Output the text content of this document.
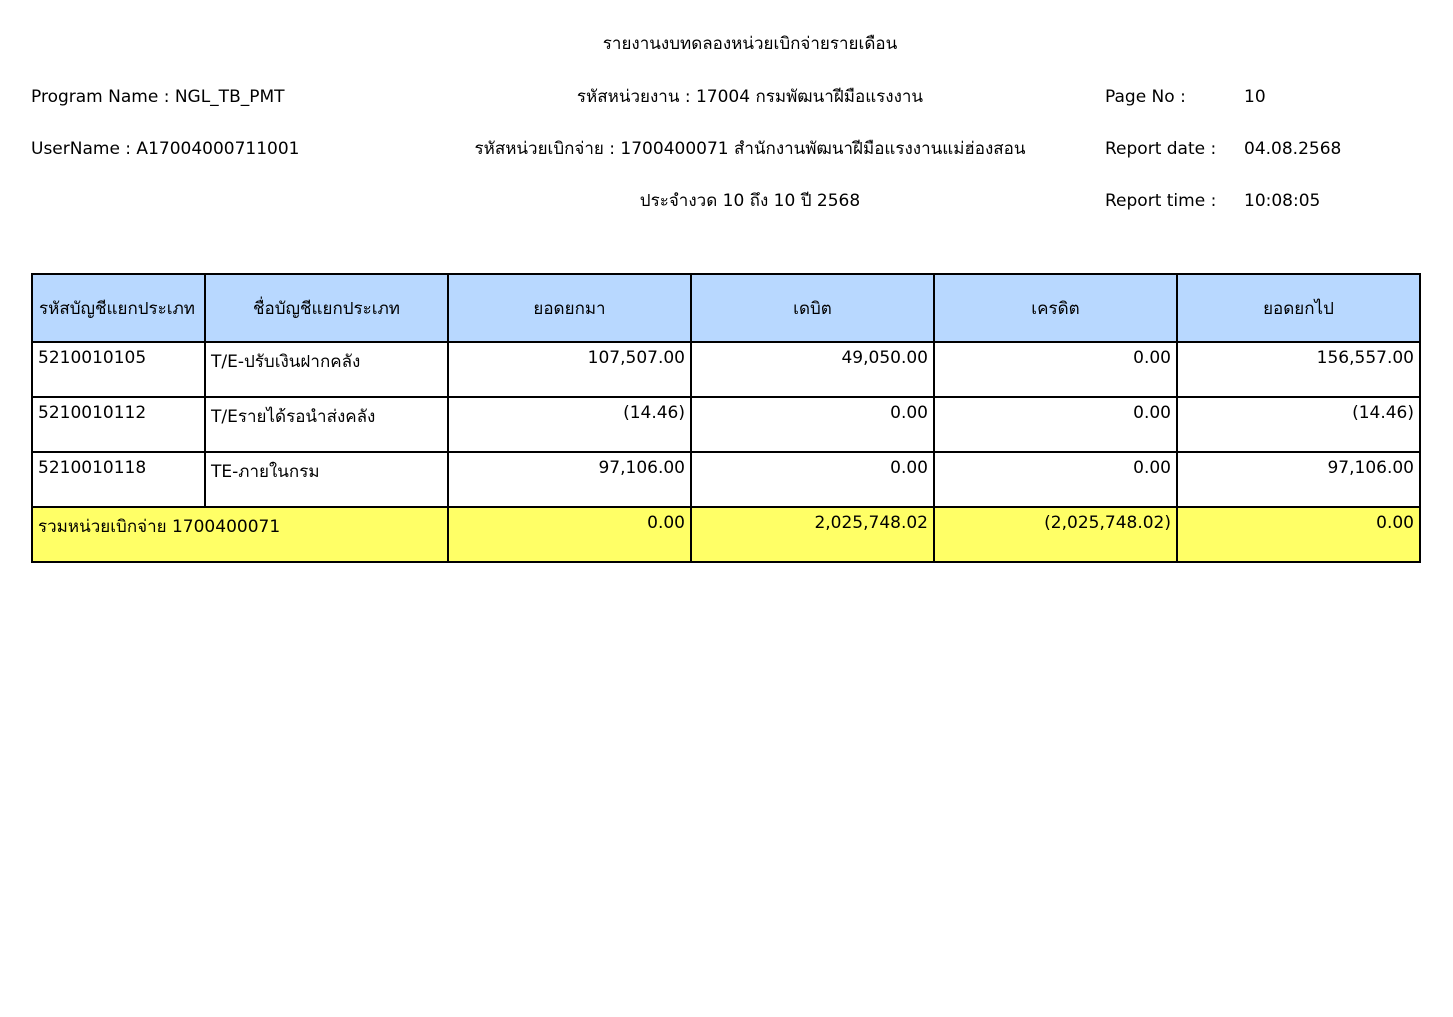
รายงานงบทดลองหน่วยเบิกจ่ายรายเดือน
Program Name : NGL_TB_PMT	รหัสหน่วยงาน : 17004 กรมพัฒนาฝีมือแรงงาน	Page No :	10
UserName : A17004000711001	รหัสหน่วยเบิกจ่าย : 1700400071 สำนักงานพัฒนาฝีมือแรงงานแม่ฮ่องสอน	Report date : 04.08.2568
ประจำงวด 10 ถึง 10 ปี 2568	Report time : 10:08:05
รหัสบัญชีแยกประเภท	ชื่อบัญชีแยกประเภท	ยอดยกมา	เดบิต	เครดิต	ยอดยกไป
5210010105	T/E-ปรับเงินฝากคลัง	107,507.00	49,050.00	0.00	156,557.00
5210010112	T/Eรายได้รอนำส่งคลัง	(14.46)	0.00	0.00	(14.46)
5210010118	TE-ภายในกรม	97,106.00	0.00	0.00	97,106.00
รวมหน่วยเบิกจ่าย 1700400071		0.00	2,025,748.02	(2,025,748.02)	0.00
